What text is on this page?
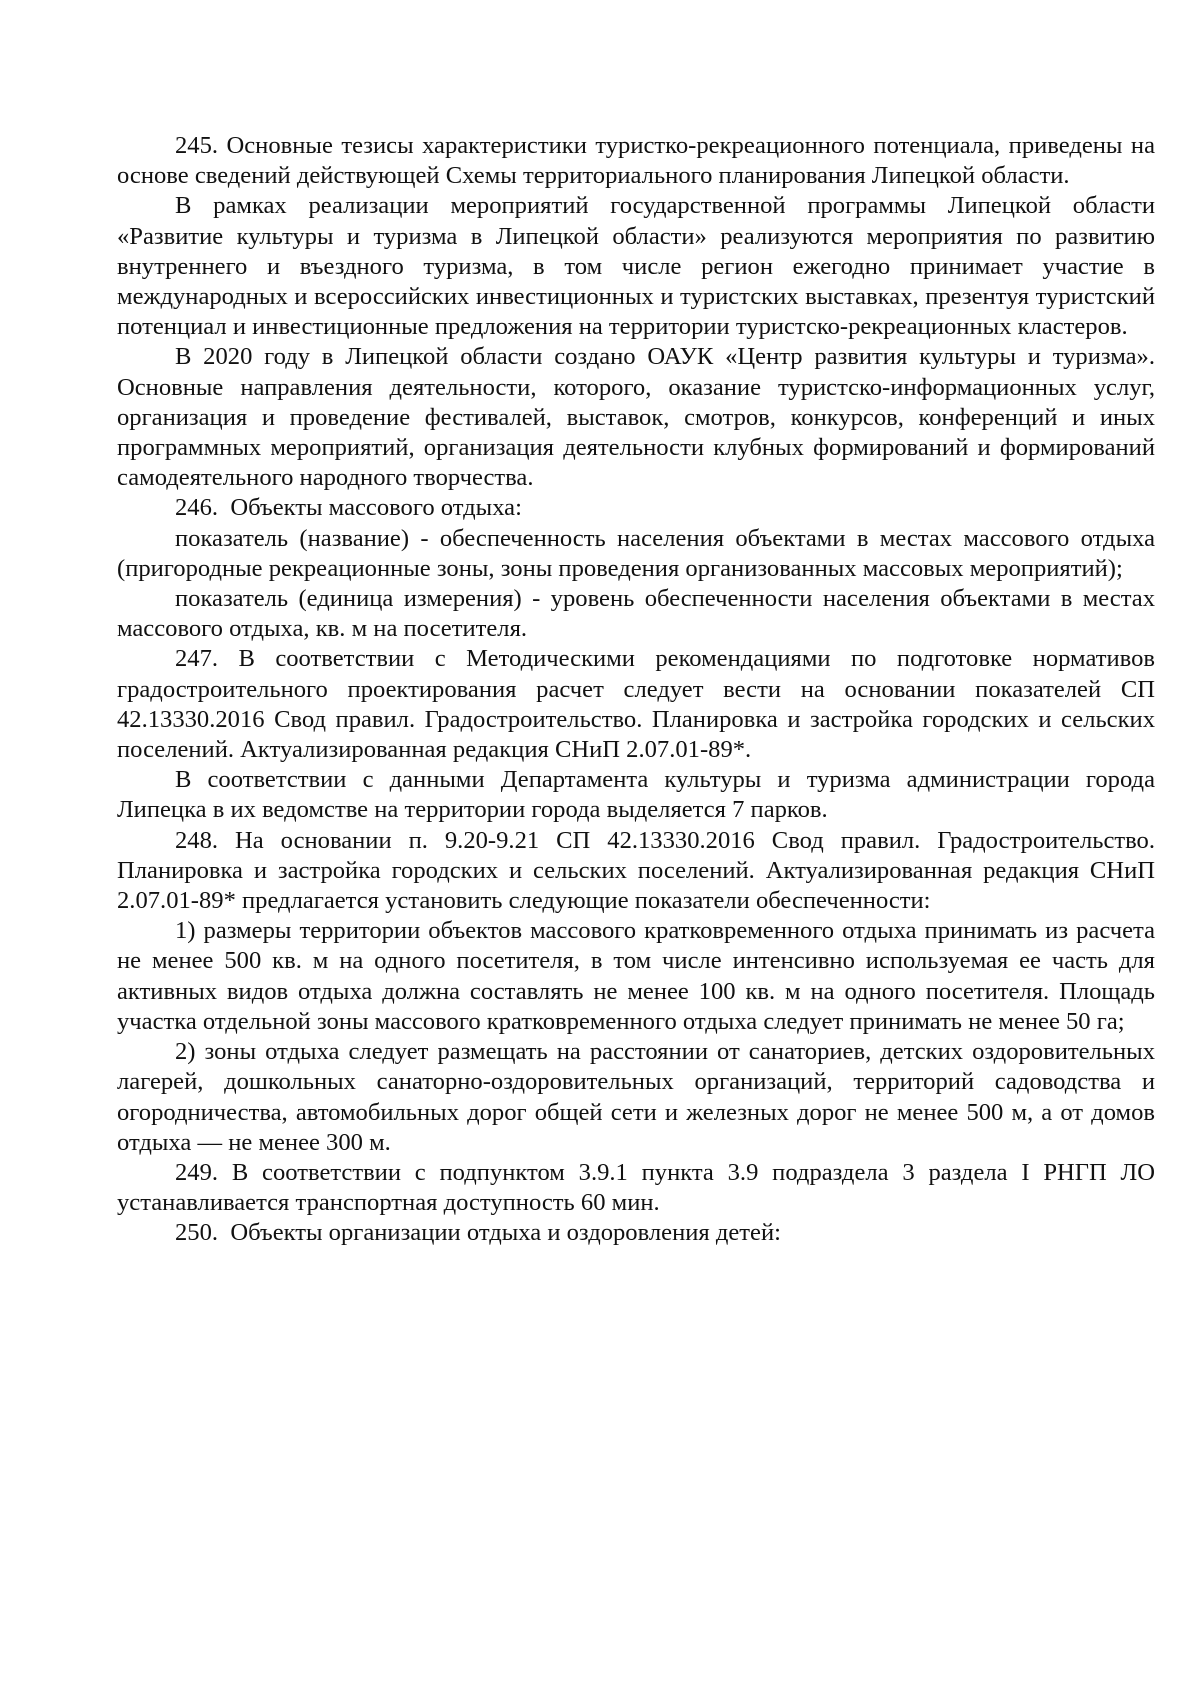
245. Основные тезисы характеристики туристко-рекреационного потенциала, приведены на основе сведений действующей Схемы территориального планирования Липецкой области.

В рамках реализации мероприятий государственной программы Липецкой области «Развитие культуры и туризма в Липецкой области» реализуются мероприятия по развитию внутреннего и въездного туризма, в том числе регион ежегодно принимает участие в международных и всероссийских инвестиционных и туристских выставках, презентуя туристский потенциал и инвестиционные предложения на территории туристско-рекреационных кластеров.

В 2020 году в Липецкой области создано ОАУК «Центр развития культуры и туризма». Основные направления деятельности, которого, оказание туристско-информационных услуг, организация и проведение фестивалей, выставок, смотров, конкурсов, конференций и иных программных мероприятий, организация деятельности клубных формирований и формирований самодеятельного народного творчества.

246.  Объекты массового отдыха:

показатель (название) - обеспеченность населения объектами в местах массового отдыха (пригородные рекреационные зоны, зоны проведения организованных массовых мероприятий);

показатель (единица измерения) - уровень обеспеченности населения объектами в местах массового отдыха, кв. м на посетителя.

247. В соответствии с Методическими рекомендациями по подготовке нормативов градостроительного проектирования расчет следует вести на основании показателей СП 42.13330.2016 Свод правил. Градостроительство. Планировка и застройка городских и сельских поселений. Актуализированная редакция СНиП 2.07.01-89*.

В соответствии с данными Департамента культуры и туризма администрации города Липецка в их ведомстве на территории города выделяется 7 парков.

248. На основании п. 9.20-9.21 СП 42.13330.2016 Свод правил. Градостроительство. Планировка и застройка городских и сельских поселений. Актуализированная редакция СНиП 2.07.01-89* предлагается установить следующие показатели обеспеченности:

1) размеры территории объектов массового кратковременного отдыха принимать из расчета не менее 500 кв. м на одного посетителя, в том числе интенсивно используемая ее часть для активных видов отдыха должна составлять не менее 100 кв. м на одного посетителя. Площадь участка отдельной зоны массового кратковременного отдыха следует принимать не менее 50 га;

2) зоны отдыха следует размещать на расстоянии от санаториев, детских оздоровительных лагерей, дошкольных санаторно-оздоровительных организаций, территорий садоводства и огородничества, автомобильных дорог общей сети и железных дорог не менее 500 м, а от домов отдыха — не менее 300 м.

249. В соответствии с подпунктом 3.9.1 пункта 3.9 подраздела 3 раздела I РНГП ЛО устанавливается транспортная доступность 60 мин.

250.  Объекты организации отдыха и оздоровления детей:
